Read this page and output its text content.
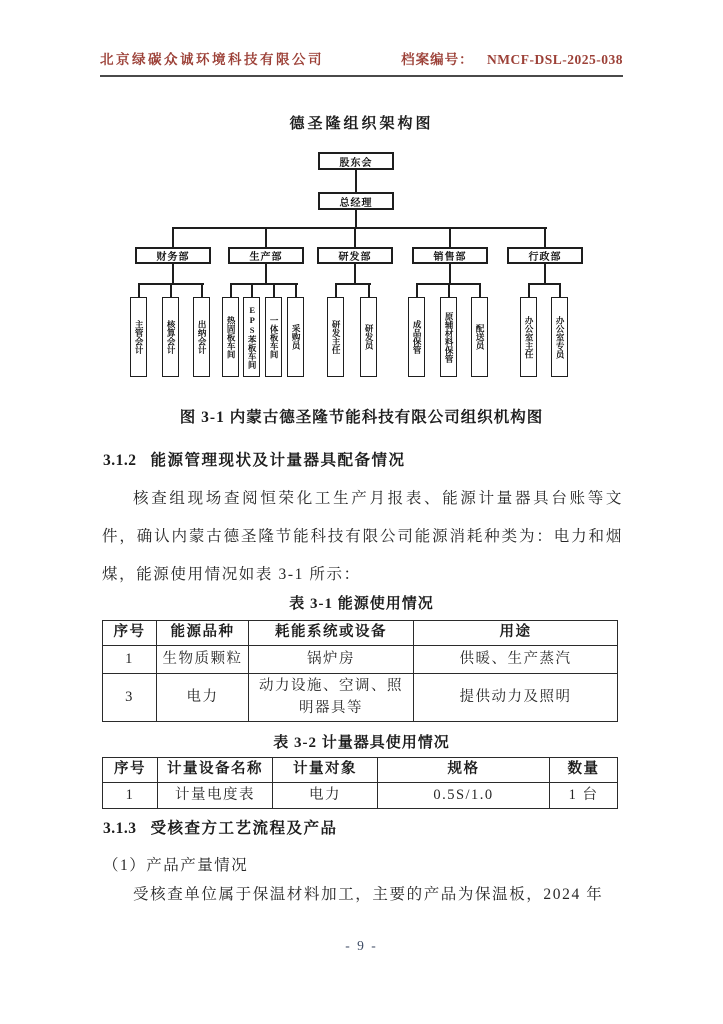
北京绿碳众诚环境科技有限公司	档案编号： NMCF-DSL-2025-038
德圣隆组织架构图
股东会
总经理
财务部	生产部	研发部	销售部	行政部
主管会计	核算会计	出纳会计	热固板车间	EPS苯板车间	一体板车间	采购员	研发主任	研发员	成品保管	原辅材料保管	配送员	办公室主任	办公室专员
图 3-1 内蒙古德圣隆节能科技有限公司组织机构图
3.1.2 能源管理现状及计量器具配备情况
核查组现场查阅恒荣化工生产月报表、能源计量器具台账等文件，确认内蒙古德圣隆节能科技有限公司能源消耗种类为：电力和烟煤，能源使用情况如表 3-1 所示：
表 3-1 能源使用情况
序号	能源品种	耗能系统或设备	用途
1	生物质颗粒	锅炉房	供暖、生产蒸汽
3	电力	动力设施、空调、照明器具等	提供动力及照明
表 3-2 计量器具使用情况
序号	计量设备名称	计量对象	规格	数量
1	计量电度表	电力	0.5S/1.0	1 台
3.1.3 受核查方工艺流程及产品
（1）产品产量情况
受核查单位属于保温材料加工，主要的产品为保温板，2024 年
- 9 -
